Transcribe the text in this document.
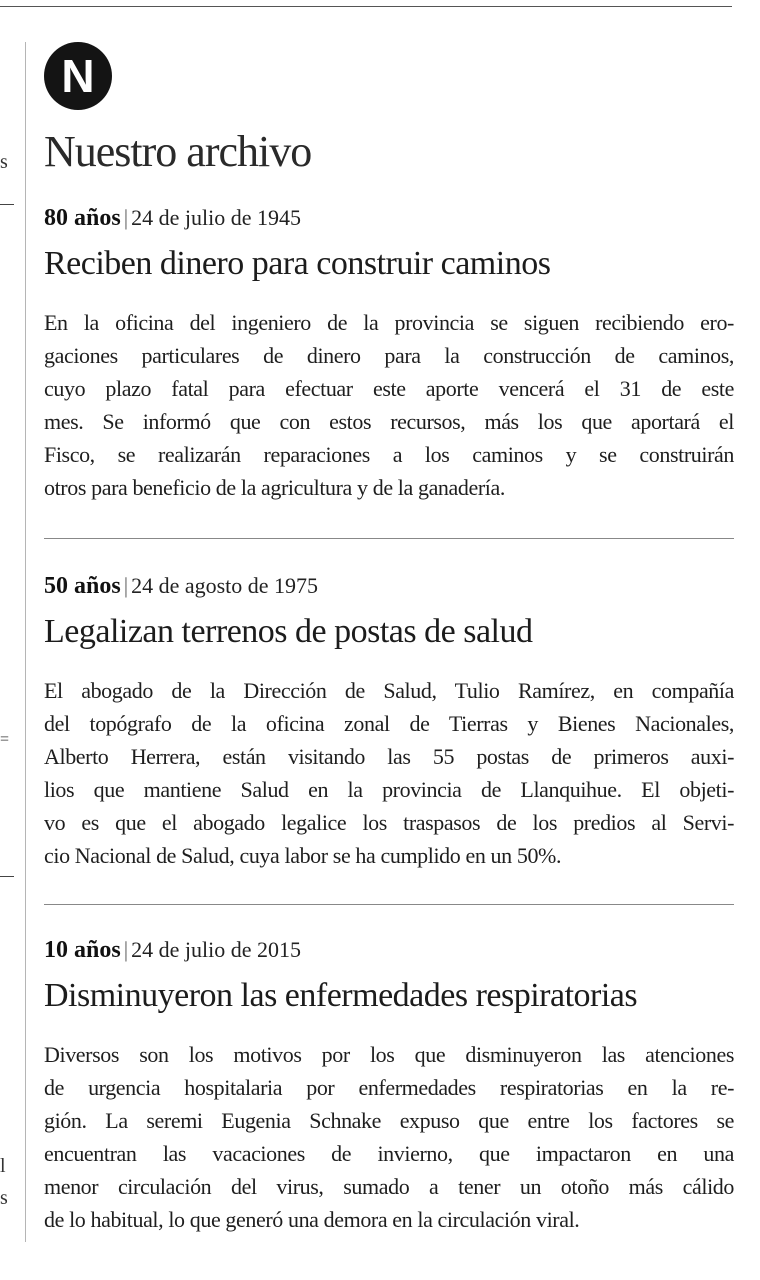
s
=
l
s
N
Nuestro archivo

80 años | 24 de julio de 1945

Reciben dinero para construir caminos

En la oficina del ingeniero de la provincia se siguen recibiendo ero-
gaciones particulares de dinero para la construcción de caminos,
cuyo plazo fatal para efectuar este aporte vencerá el 31 de este
mes. Se informó que con estos recursos, más los que aportará el
Fisco, se realizarán reparaciones a los caminos y se construirán
otros para beneficio de la agricultura y de la ganadería.

50 años | 24 de agosto de 1975

Legalizan terrenos de postas de salud

El abogado de la Dirección de Salud, Tulio Ramírez, en compañía
del topógrafo de la oficina zonal de Tierras y Bienes Nacionales,
Alberto Herrera, están visitando las 55 postas de primeros auxi-
lios que mantiene Salud en la provincia de Llanquihue. El objeti-
vo es que el abogado legalice los traspasos de los predios al Servi-
cio Nacional de Salud, cuya labor se ha cumplido en un 50%.

10 años | 24 de julio de 2015

Disminuyeron las enfermedades respiratorias

Diversos son los motivos por los que disminuyeron las atenciones
de urgencia hospitalaria por enfermedades respiratorias en la re-
gión. La seremi Eugenia Schnake expuso que entre los factores se
encuentran las vacaciones de invierno, que impactaron en una
menor circulación del virus, sumado a tener un otoño más cálido
de lo habitual, lo que generó una demora en la circulación viral.
